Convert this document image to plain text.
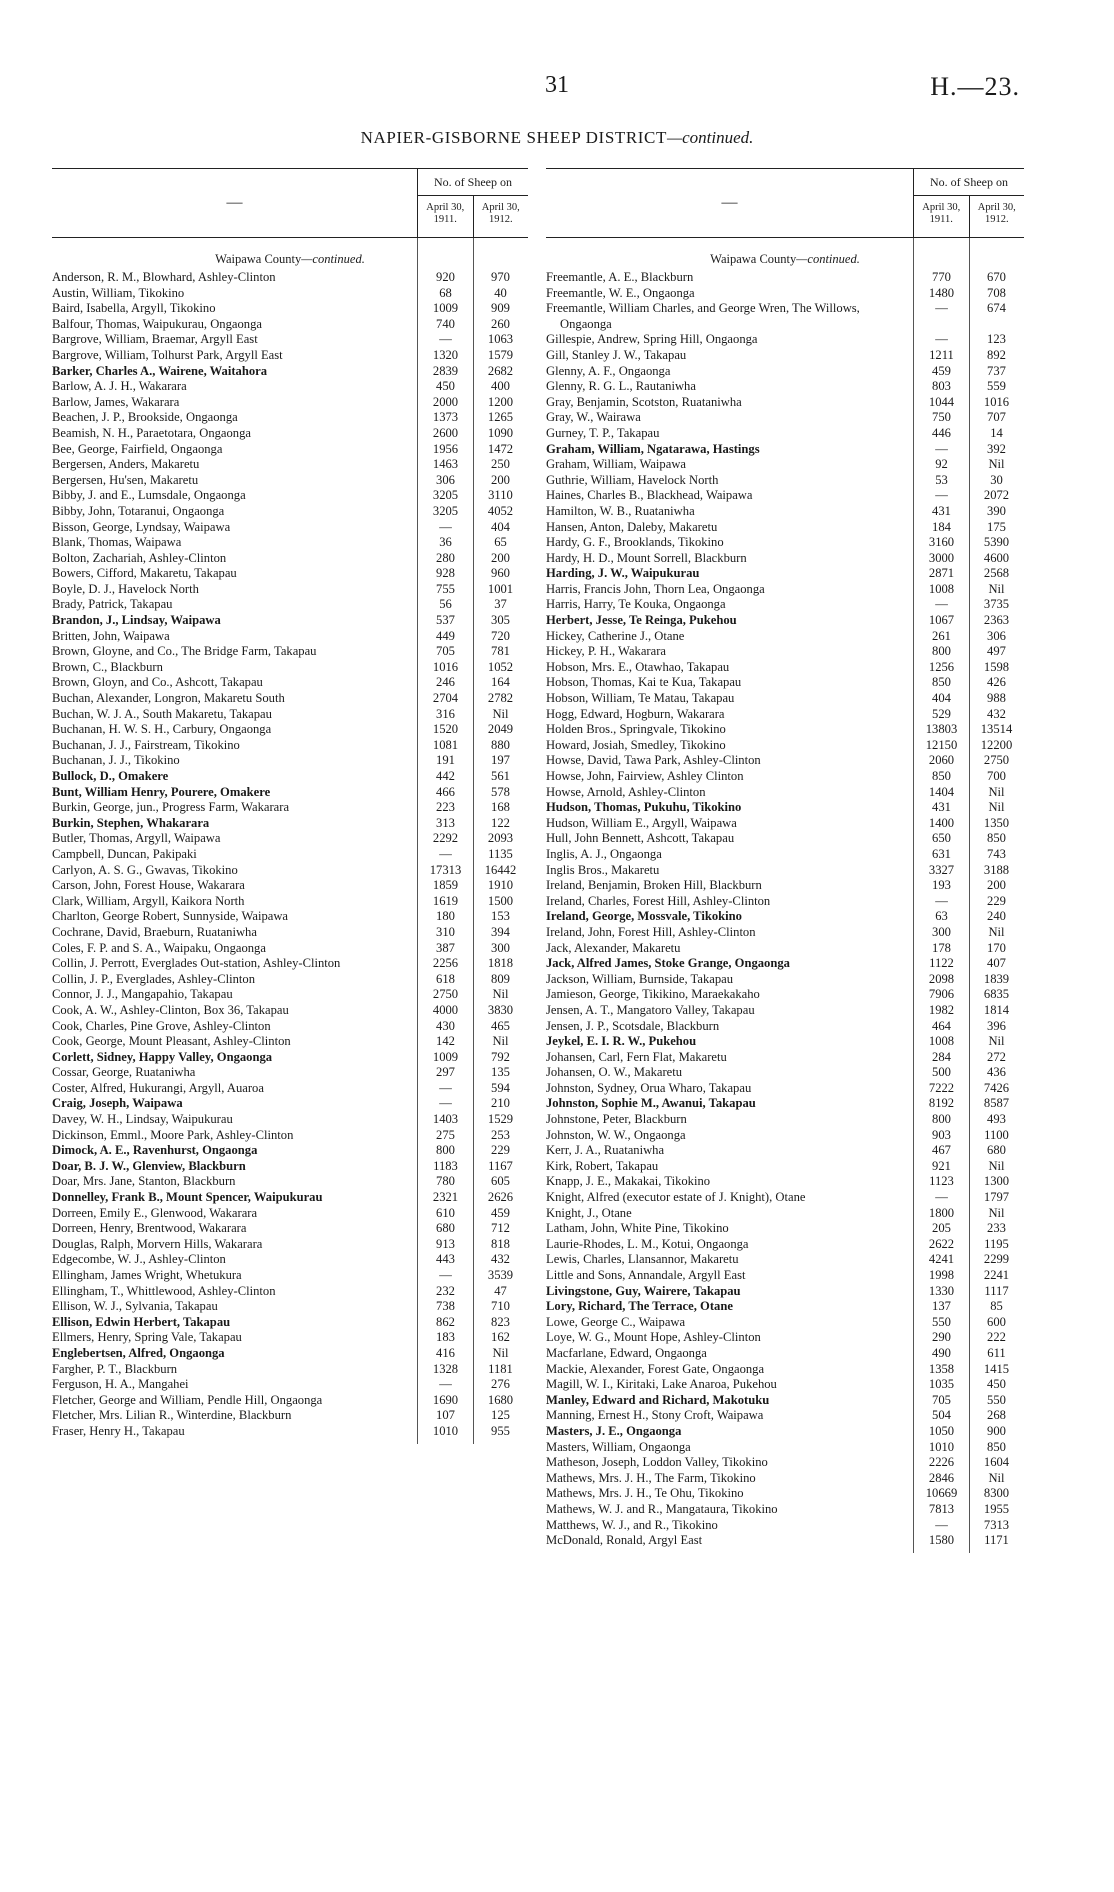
31	H.—23.
NAPIER-GISBORNE SHEEP DISTRICT—continued.
—
No. of Sheep on
April 30, 1911.
April 30, 1912.
Waipawa County—continued.
Anderson, R. M., Blowhard, Ashley-Clinton	920	970
Austin, William, Tikokino	68	40
Baird, Isabella, Argyll, Tikokino	1009	909
Balfour, Thomas, Waipukurau, Ongaonga	740	260
Bargrove, William, Braemar, Argyll East	—	1063
Bargrove, William, Tolhurst Park, Argyll East	1320	1579
Barker, Charles A., Wairene, Waitahora	2839	2682
Barlow, A. J. H., Wakarara	450	400
Barlow, James, Wakarara	2000	1200
Beachen, J. P., Brookside, Ongaonga	1373	1265
Beamish, N. H., Paraetotara, Ongaonga	2600	1090
Bee, George, Fairfield, Ongaonga	1956	1472
Bergersen, Anders, Makaretu	1463	250
Bergersen, Hu'sen, Makaretu	306	200
Bibby, J. and E., Lumsdale, Ongaonga	3205	3110
Bibby, John, Totaranui, Ongaonga	3205	4052
Bisson, George, Lyndsay, Waipawa	—	404
Blank, Thomas, Waipawa	36	65
Bolton, Zachariah, Ashley-Clinton	280	200
Bowers, Cifford, Makaretu, Takapau	928	960
Boyle, D. J., Havelock North	755	1001
Brady, Patrick, Takapau	56	37
Brandon, J., Lindsay, Waipawa	537	305
Britten, John, Waipawa	449	720
Brown, Gloyne, and Co., The Bridge Farm, Takapau	705	781
Brown, C., Blackburn	1016	1052
Brown, Gloyn, and Co., Ashcott, Takapau	246	164
Buchan, Alexander, Longron, Makaretu South	2704	2782
Buchan, W. J. A., South Makaretu, Takapau	316	Nil
Buchanan, H. W. S. H., Carbury, Ongaonga	1520	2049
Buchanan, J. J., Fairstream, Tikokino	1081	880
Buchanan, J. J., Tikokino	191	197
Bullock, D., Omakere	442	561
Bunt, William Henry, Pourere, Omakere	466	578
Burkin, George, jun., Progress Farm, Wakarara	223	168
Burkin, Stephen, Whakarara	313	122
Butler, Thomas, Argyll, Waipawa	2292	2093
Campbell, Duncan, Pakipaki	—	1135
Carlyon, A. S. G., Gwavas, Tikokino	17313	16442
Carson, John, Forest House, Wakarara	1859	1910
Clark, William, Argyll, Kaikora North	1619	1500
Charlton, George Robert, Sunnyside, Waipawa	180	153
Cochrane, David, Braeburn, Ruataniwha	310	394
Coles, F. P. and S. A., Waipaku, Ongaonga	387	300
Collin, J. Perrott, Everglades Out-station, Ashley-Clinton	2256	1818
Collin, J. P., Everglades, Ashley-Clinton	618	809
Connor, J. J., Mangapahio, Takapau	2750	Nil
Cook, A. W., Ashley-Clinton, Box 36, Takapau	4000	3830
Cook, Charles, Pine Grove, Ashley-Clinton	430	465
Cook, George, Mount Pleasant, Ashley-Clinton	142	Nil
Corlett, Sidney, Happy Valley, Ongaonga	1009	792
Cossar, George, Ruataniwha	297	135
Coster, Alfred, Hukurangi, Argyll, Auaroa	—	594
Craig, Joseph, Waipawa	—	210
Davey, W. H., Lindsay, Waipukurau	1403	1529
Dickinson, Emml., Moore Park, Ashley-Clinton	275	253
Dimock, A. E., Ravenhurst, Ongaonga	800	229
Doar, B. J. W., Glenview, Blackburn	1183	1167
Doar, Mrs. Jane, Stanton, Blackburn	780	605
Donnelley, Frank B., Mount Spencer, Waipukurau	2321	2626
Dorreen, Emily E., Glenwood, Wakarara	610	459
Dorreen, Henry, Brentwood, Wakarara	680	712
Douglas, Ralph, Morvern Hills, Wakarara	913	818
Edgecombe, W. J., Ashley-Clinton	443	432
Ellingham, James Wright, Whetukura	—	3539
Ellingham, T., Whittlewood, Ashley-Clinton	232	47
Ellison, W. J., Sylvania, Takapau	738	710
Ellison, Edwin Herbert, Takapau	862	823
Ellmers, Henry, Spring Vale, Takapau	183	162
Englebertsen, Alfred, Ongaonga	416	Nil
Fargher, P. T., Blackburn	1328	1181
Ferguson, H. A., Mangahei	—	276
Fletcher, George and William, Pendle Hill, Ongaonga	1690	1680
Fletcher, Mrs. Lilian R., Winterdine, Blackburn	107	125
Fraser, Henry H., Takapau	1010	955
—
No. of Sheep on
April 30, 1911.
April 30, 1912.
Waipawa County—continued.
Freemantle, A. E., Blackburn	770	670
Freemantle, W. E., Ongaonga	1480	708
Freemantle, William Charles, and George Wren, The Willows, Ongaonga
—	674
Gillespie, Andrew, Spring Hill, Ongaonga	—	123
Gill, Stanley J. W., Takapau	1211	892
Glenny, A. F., Ongaonga	459	737
Glenny, R. G. L., Rautaniwha	803	559
Gray, Benjamin, Scotston, Ruataniwha	1044	1016
Gray, W., Wairawa	750	707
Gurney, T. P., Takapau	446	14
Graham, William, Ngatarawa, Hastings	—	392
Graham, William, Waipawa	92	Nil
Guthrie, William, Havelock North	53	30
Haines, Charles B., Blackhead, Waipawa	—	2072
Hamilton, W. B., Ruataniwha	431	390
Hansen, Anton, Daleby, Makaretu	184	175
Hardy, G. F., Brooklands, Tikokino	3160	5390
Hardy, H. D., Mount Sorrell, Blackburn	3000	4600
Harding, J. W., Waipukurau	2871	2568
Harris, Francis John, Thorn Lea, Ongaonga	1008	Nil
Harris, Harry, Te Kouka, Ongaonga	—	3735
Herbert, Jesse, Te Reinga, Pukehou	1067	2363
Hickey, Catherine J., Otane	261	306
Hickey, P. H., Wakarara	800	497
Hobson, Mrs. E., Otawhao, Takapau	1256	1598
Hobson, Thomas, Kai te Kua, Takapau	850	426
Hobson, William, Te Matau, Takapau	404	988
Hogg, Edward, Hogburn, Wakarara	529	432
Holden Bros., Springvale, Tikokino	13803	13514
Howard, Josiah, Smedley, Tikokino	12150	12200
Howse, David, Tawa Park, Ashley-Clinton	2060	2750
Howse, John, Fairview, Ashley Clinton	850	700
Howse, Arnold, Ashley-Clinton	1404	Nil
Hudson, Thomas, Pukuhu, Tikokino	431	Nil
Hudson, William E., Argyll, Waipawa	1400	1350
Hull, John Bennett, Ashcott, Takapau	650	850
Inglis, A. J., Ongaonga	631	743
Inglis Bros., Makaretu	3327	3188
Ireland, Benjamin, Broken Hill, Blackburn	193	200
Ireland, Charles, Forest Hill, Ashley-Clinton	—	229
Ireland, George, Mossvale, Tikokino	63	240
Ireland, John, Forest Hill, Ashley-Clinton	300	Nil
Jack, Alexander, Makaretu	178	170
Jack, Alfred James, Stoke Grange, Ongaonga	1122	407
Jackson, William, Burnside, Takapau	2098	1839
Jamieson, George, Tikikino, Maraekakaho	7906	6835
Jensen, A. T., Mangatoro Valley, Takapau	1982	1814
Jensen, J. P., Scotsdale, Blackburn	464	396
Jeykel, E. I. R. W., Pukehou	1008	Nil
Johansen, Carl, Fern Flat, Makaretu	284	272
Johansen, O. W., Makaretu	500	436
Johnston, Sydney, Orua Wharo, Takapau	7222	7426
Johnston, Sophie M., Awanui, Takapau	8192	8587
Johnstone, Peter, Blackburn	800	493
Johnston, W. W., Ongaonga	903	1100
Kerr, J. A., Ruataniwha	467	680
Kirk, Robert, Takapau	921	Nil
Knapp, J. E., Makakai, Tikokino	1123	1300
Knight, Alfred (executor estate of J. Knight), Otane	—	1797
Knight, J., Otane	1800	Nil
Latham, John, White Pine, Tikokino	205	233
Laurie-Rhodes, L. M., Kotui, Ongaonga	2622	1195
Lewis, Charles, Llansannor, Makaretu	4241	2299
Little and Sons, Annandale, Argyll East	1998	2241
Livingstone, Guy, Wairere, Takapau	1330	1117
Lory, Richard, The Terrace, Otane	137	85
Lowe, George C., Waipawa	550	600
Loye, W. G., Mount Hope, Ashley-Clinton	290	222
Macfarlane, Edward, Ongaonga	490	611
Mackie, Alexander, Forest Gate, Ongaonga	1358	1415
Magill, W. I., Kiritaki, Lake Anaroa, Pukehou	1035	450
Manley, Edward and Richard, Makotuku	705	550
Manning, Ernest H., Stony Croft, Waipawa	504	268
Masters, J. E., Ongaonga	1050	900
Masters, William, Ongaonga	1010	850
Matheson, Joseph, Loddon Valley, Tikokino	2226	1604
Mathews, Mrs. J. H., The Farm, Tikokino	2846	Nil
Mathews, Mrs. J. H., Te Ohu, Tikokino	10669	8300
Mathews, W. J. and R., Mangataura, Tikokino	7813	1955
Matthews, W. J., and R., Tikokino	—	7313
McDonald, Ronald, Argyl East	1580	1171
